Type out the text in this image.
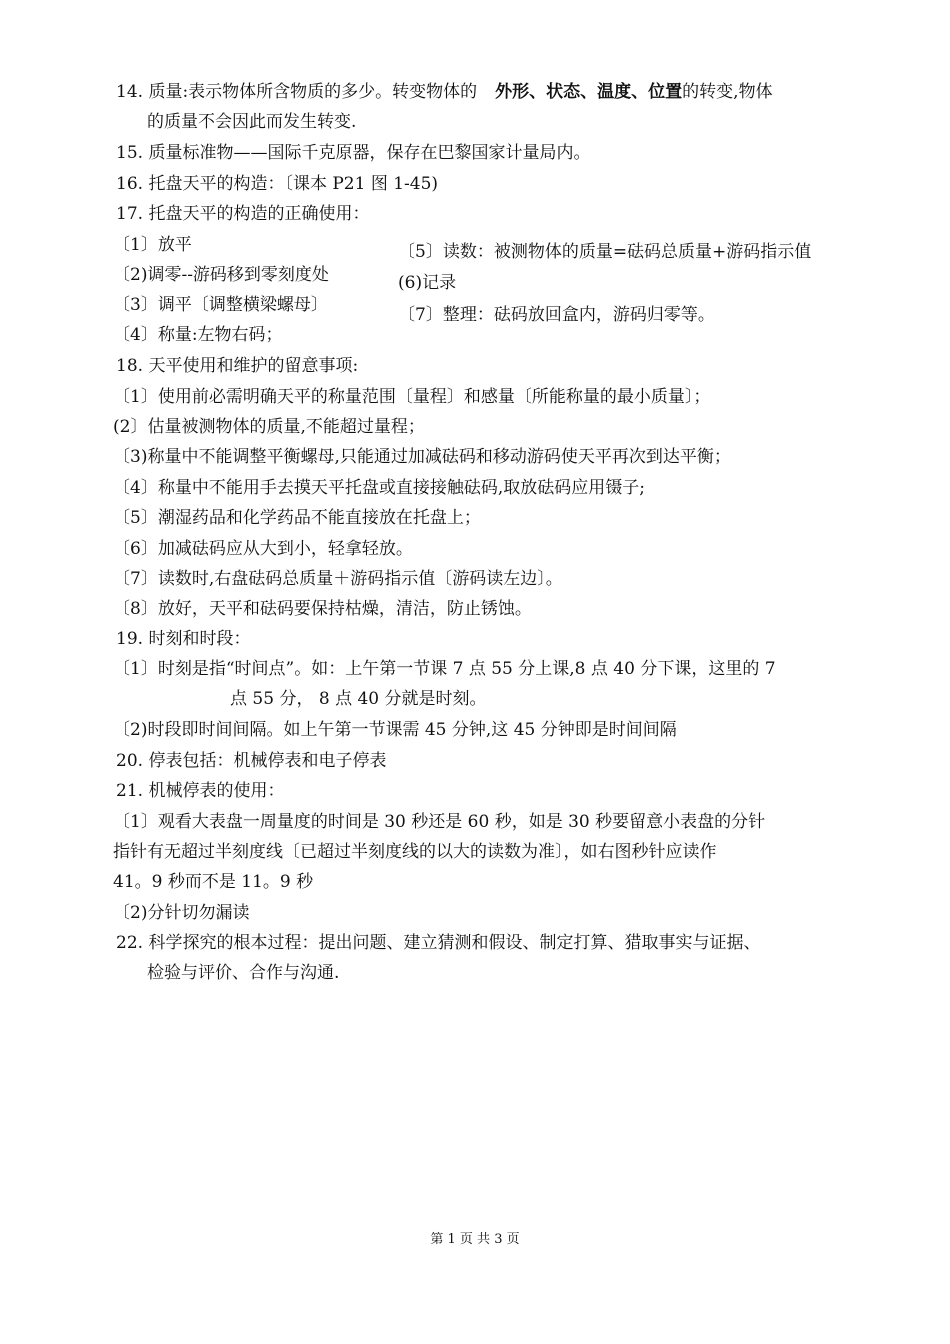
14. 质量:表示物体所含物质的多少。转变物体的 外形、状态、温度、位置的转变,物体
的质量不会因此而发生转变.
15. 质量标准物——国际千克原器，保存在巴黎国家计量局内。
16. 托盘天平的构造：〔课本 P21 图 1-45)
17. 托盘天平的构造的正确使用：
〔1〕放平
〔2)调零--游码移到零刻度处
〔3〕调平〔调整横梁螺母〕
〔4〕称量:左物右码；
〔5〕读数：被测物体的质量=砝码总质量+游码指示值
(6)记录
〔7〕整理：砝码放回盒内，游码归零等。
18. 天平使用和维护的留意事项:
〔1〕使用前必需明确天平的称量范围〔量程〕和感量〔所能称量的最小质量〕；
(2〕估量被测物体的质量,不能超过量程；
〔3)称量中不能调整平衡螺母,只能通过加减砝码和移动游码使天平再次到达平衡；
〔4〕称量中不能用手去摸天平托盘或直接接触砝码,取放砝码应用镊子;
〔5〕潮湿药品和化学药品不能直接放在托盘上；
〔6〕加减砝码应从大到小，轻拿轻放。
〔7〕读数时,右盘砝码总质量＋游码指示值〔游码读左边〕。
〔8〕放好，天平和砝码要保持枯燥，清洁，防止锈蚀。
19. 时刻和时段：
〔1〕时刻是指“时间点”。如：上午第一节课 7 点 55 分上课,8 点 40 分下课，这里的 7
点 55 分， 8 点 40 分就是时刻。
〔2)时段即时间间隔。如上午第一节课需 45 分钟,这 45 分钟即是时间间隔
20. 停表包括：机械停表和电子停表
21. 机械停表的使用：
〔1〕观看大表盘一周量度的时间是 30 秒还是 60 秒，如是 30 秒要留意小表盘的分针
指针有无超过半刻度线〔已超过半刻度线的以大的读数为准〕，如右图秒针应读作
41。9 秒而不是 11。9 秒
〔2)分针切勿漏读
22. 科学探究的根本过程：提出问题、建立猜测和假设、制定打算、猎取事实与证据、
检验与评价、合作与沟通.
第 1 页 共 3 页
